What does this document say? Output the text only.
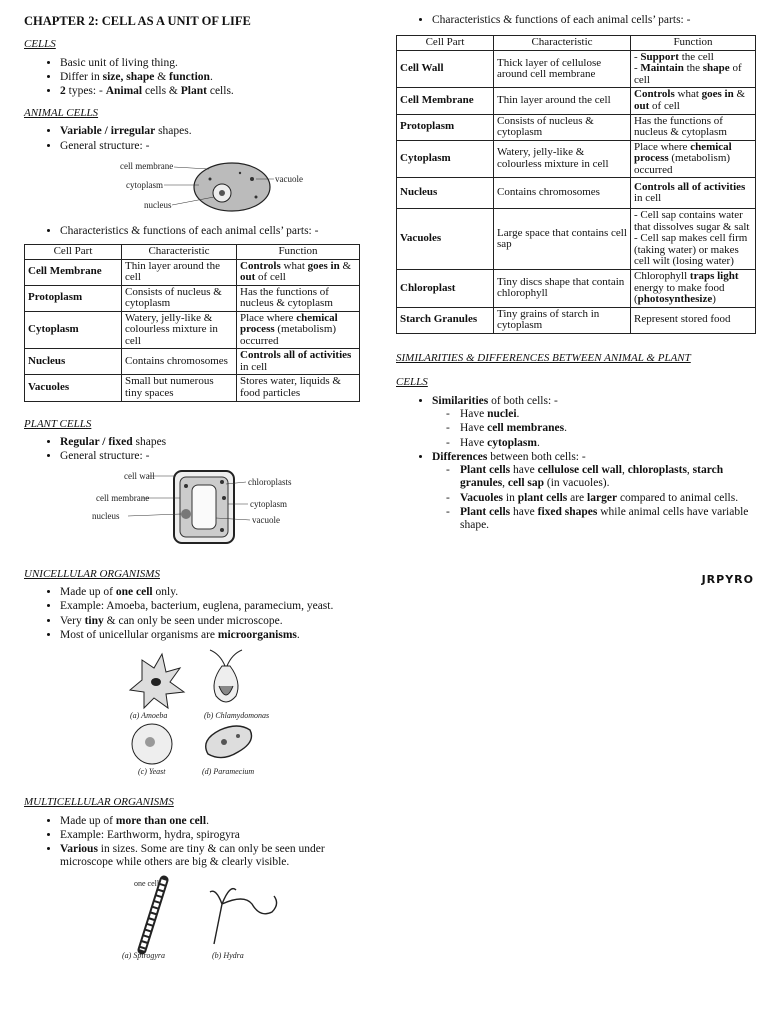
CHAPTER 2: CELL AS A UNIT OF LIFE
CELLS
• Basic unit of living thing.
• Differ in size, shape & function.
• 2 types: - Animal cells & Plant cells.
ANIMAL CELLS
• Variable / irregular shapes.
• General structure: -
cell membrane
cytoplasm
nucleus
vacuole
• Characteristics & functions of each animal cells’ parts: -
Cell Part	Characteristic	Function
Cell Membrane	Thin layer around the cell	Controls what goes in & out of cell
Protoplasm	Consists of nucleus & cytoplasm	Has the functions of nucleus & cytoplasm
Cytoplasm	Watery, jelly-like & colourless mixture in cell	Place where chemical process (metabolism) occurred
Nucleus	Contains chromosomes	Controls all of activities in cell
Vacuoles	Small but numerous tiny spaces	Stores water, liquids & food particles
PLANT CELLS
• Regular / fixed shapes
• General structure: -
cell wall
cell membrane
nucleus
chloroplasts
cytoplasm
vacuole
UNICELLULAR ORGANISMS
• Made up of one cell only.
• Example: Amoeba, bacterium, euglena, paramecium, yeast.
• Very tiny & can only be seen under microscope.
• Most of unicellular organisms are microorganisms.
(a) Amoeba	(b) Chlamydomonas
(c) Yeast	(d) Paramecium
MULTICELLULAR ORGANISMS
• Made up of more than one cell.
• Example: Earthworm, hydra, spirogyra
• Various in sizes. Some are tiny & can only be seen under microscope while others are big & clearly visible.
one cell
(a) Spirogyra	(b) Hydra
• Characteristics & functions of each animal cells’ parts: -
Cell Part	Characteristic	Function
Cell Wall	Thick layer of cellulose around cell membrane	- Support the cell
- Maintain the shape of cell
Cell Membrane	Thin layer around the cell	Controls what goes in & out of cell
Protoplasm	Consists of nucleus & cytoplasm	Has the functions of nucleus & cytoplasm
Cytoplasm	Watery, jelly-like & colourless mixture in cell	Place where chemical process (metabolism) occurred
Nucleus	Contains chromosomes	Controls all of activities in cell
Vacuoles	Large space that contains cell sap	- Cell sap contains water that dissolves sugar & salt
- Cell sap makes cell firm (taking water) or makes cell wilt (losing water)
Chloroplast	Tiny discs shape that contain chlorophyll	Chlorophyll traps light energy to make food (photosynthesize)
Starch Granules	Tiny grains of starch in cytoplasm	Represent stored food
SIMILARITIES & DIFFERENCES BETWEEN ANIMAL & PLANT
CELLS
• Similarities of both cells: -
- Have nuclei.
- Have cell membranes.
- Have cytoplasm.
• Differences between both cells: -
- Plant cells have cellulose cell wall, chloroplasts, starch granules, cell sap (in vacuoles).
- Vacuoles in plant cells are larger compared to animal cells.
- Plant cells have fixed shapes while animal cells have variable shape.
JRPYRO
